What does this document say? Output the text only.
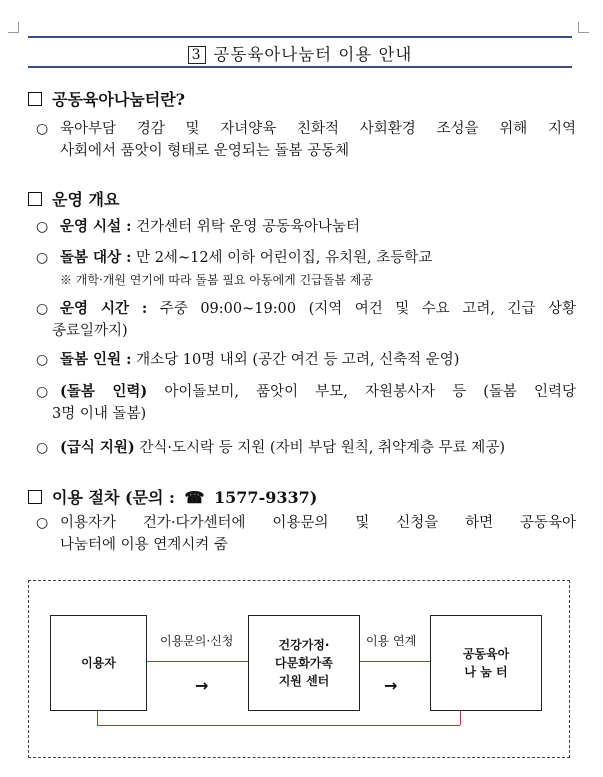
3 공동육아나눔터 이용 안내
공동육아나눔터란?
○ 육아부담 경감 및 자녀양육 친화적 사회환경 조성을 위해 지역
사회에서 품앗이 형태로 운영되는 돌봄 공동체
운영 개요
○ 운영 시설 : 건가센터 위탁 운영 공동육아나눔터
○ 돌봄 대상 : 만 2세~12세 이하 어린이집, 유치원, 초등학교
※ 개학·개원 연기에 따라 돌봄 필요 아동에게 긴급돌봄 제공
○ 운영 시간 : 주중 09:00~19:00 (지역 여건 및 수요 고려, 긴급 상황
종료일까지)
○ 돌봄 인원 : 개소당 10명 내외 (공간 여건 등 고려, 신축적 운영)
○ (돌봄 인력) 아이돌보미, 품앗이 부모, 자원봉사자 등 (돌봄 인력당
3명 이내 돌봄)
○ (급식 지원) 간식·도시락 등 지원 (자비 부담 원칙, 취약계층 무료 제공)
이용 절차 (문의 : ☎ 1577-9337)
○ 이용자가 건가·다가센터에 이용문의 및 신청을 하면 공동육아
나눔터에 이용 연계시켜 줌
이용자
건강가정·
다문화가족
지원 센터
공동육아
나 눔 터
이용문의·신청	이용 연계
→	→
